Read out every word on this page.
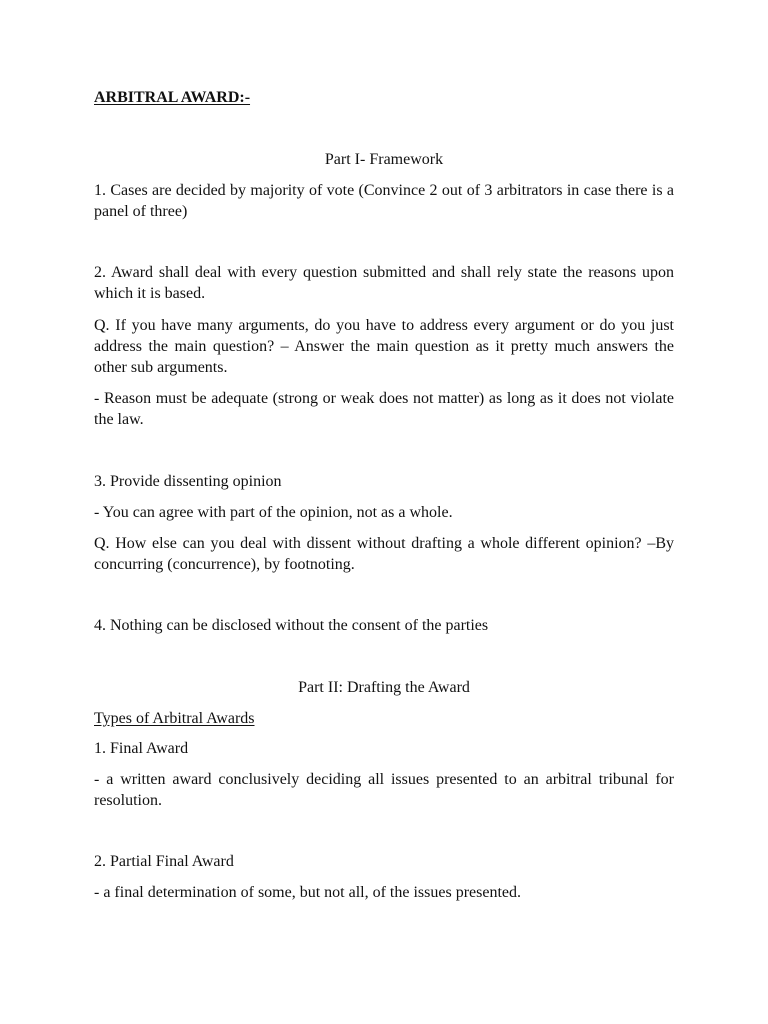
ARBITRAL AWARD:-
Part I- Framework

1. Cases are decided by majority of vote (Convince 2 out of 3 arbitrators in case there is a panel of three)

2. Award shall deal with every question submitted and shall rely state the reasons upon which it is based.

Q. If you have many arguments, do you have to address every argument or do you just address the main question? – Answer the main question as it pretty much answers the other sub arguments.

- Reason must be adequate (strong or weak does not matter) as long as it does not violate the law.

3. Provide dissenting opinion

- You can agree with part of the opinion, not as a whole.

Q. How else can you deal with dissent without drafting a whole different opinion? –By concurring (concurrence), by footnoting.

4. Nothing can be disclosed without the consent of the parties

Part II: Drafting the Award
Types of Arbitral Awards

1. Final Award

- a written award conclusively deciding all issues presented to an arbitral tribunal for resolution.

2. Partial Final Award

- a final determination of some, but not all, of the issues presented.
